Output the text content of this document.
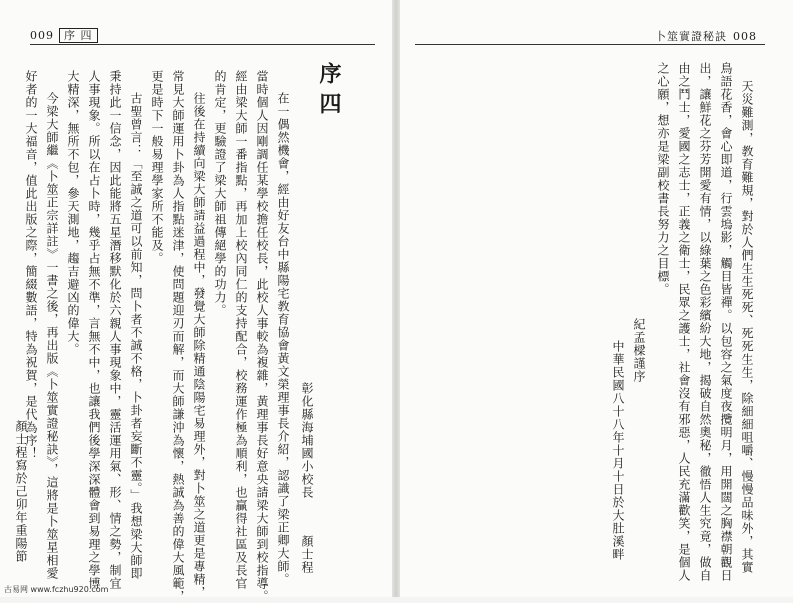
009 序 四	卜筮實證秘訣 008
序四
彰化縣海埔國小校長
顏士程
在一偶然機會，經由好友台中縣陽宅教育協會黃文榮理事長介紹，認識了梁正卿大師。
當時個人因剛調任某學校擔任校長，此校人事較為複雜，黃理事長好意央請梁大師到校指導。
經由梁大師一番指點，再加上校內同仁的支持配合，校務運作極為順利，也贏得社區及長官
的肯定，更驗證了梁大師祖傳絕學的功力。
往後在持續向梁大師請益過程中，發覺大師除精通陰陽宅易理外，對卜筮之道更是專精，
常見大師運用卜卦為人指點迷津，使問題迎刃而解，而大師謙沖為懷，熱誠為善的偉大風範，
更是時下一般易理學家所不能及。
古聖曾言：「至誠之道可以前知，問卜者不誠不格，卜卦者妄斷不靈。」我想梁大師即
秉持此一信念，因此能將五星潛移默化於六親人事現象中，靈活運用氣、形、情之勢，制宜
人事現象。所以在占卜時，幾乎占無不準，言無不中，也讓我們後學深深體會到易理之學博
大精深，無所不包，參天測地，趨吉避凶的偉大。
今梁大師繼《卜筮正宗詳註》一書之後，再出版《卜筮實證秘訣》，這將是卜筮星相愛
好者的一大福音，值此出版之際，簡綴數語，特為祝賀，是代為序！
顏士程寫於己卯年重陽節	天災難測，教育難規，對於人們生生死死、死死生生，除細細咀嚼、慢慢品味外，其實
鳥語花香，會心即道，行雲塢影，觸目皆禪。以包容之氣度夜攬明月，用開闊之胸襟朝觀日
出，讓鮮花之芬芳開愛有情，以綠葉之色彩繽紛大地，揭破自然奧秘，徹悟人生究竟，做自
由之鬥士，愛國之志士，正義之衛士，民眾之護士，社會沒有邪惡，人民充滿歡笑，是個人
之心願，想亦是梁副校書長努力之目標。
紀孟樑謹序
中華民國八十八年十月十日於大肚溪畔
古易网 www.fczhu920.com
